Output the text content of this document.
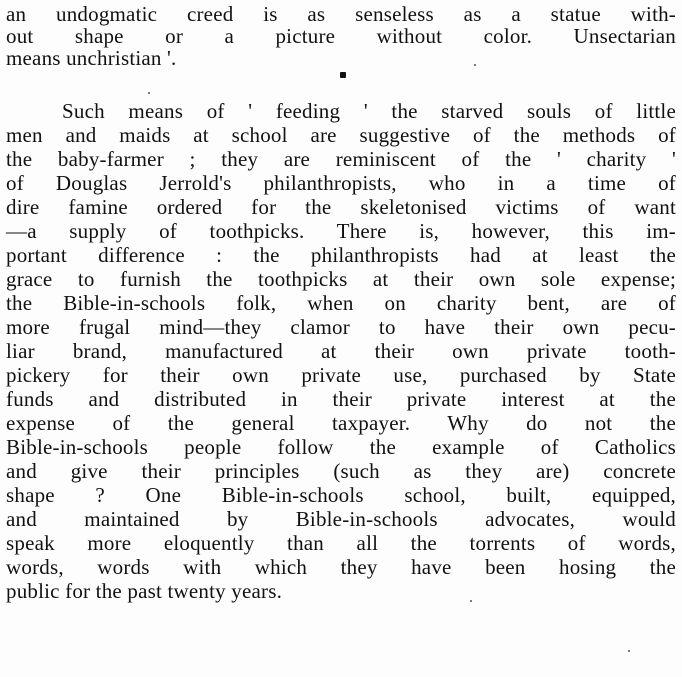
an undogmatic creed is as senseless as a statue with-
out shape or a picture without color. Unsectarian
means unchristian '.
Such means of ' feeding ' the starved souls of little
men and maids at school are suggestive of the methods of
the baby-farmer ; they are reminiscent of the ' charity '
of Douglas Jerrold's philanthropists, who in a time of
dire famine ordered for the skeletonised victims of want
—a supply of toothpicks. There is, however, this im-
portant difference : the philanthropists had at least the
grace to furnish the toothpicks at their own sole expense;
the Bible-in-schools folk, when on charity bent, are of
more frugal mind—they clamor to have their own pecu-
liar brand, manufactured at their own private tooth-
pickery for their own private use, purchased by State
funds and distributed in their private interest at the
expense of the general taxpayer. Why do not the
Bible-in-schools people follow the example of Catholics
and give their principles (such as they are) concrete
shape ? One Bible-in-schools school, built, equipped,
and maintained by Bible-in-schools advocates, would
speak more eloquently than all the torrents of words,
words, words with which they have been hosing the
public for the past twenty years.
